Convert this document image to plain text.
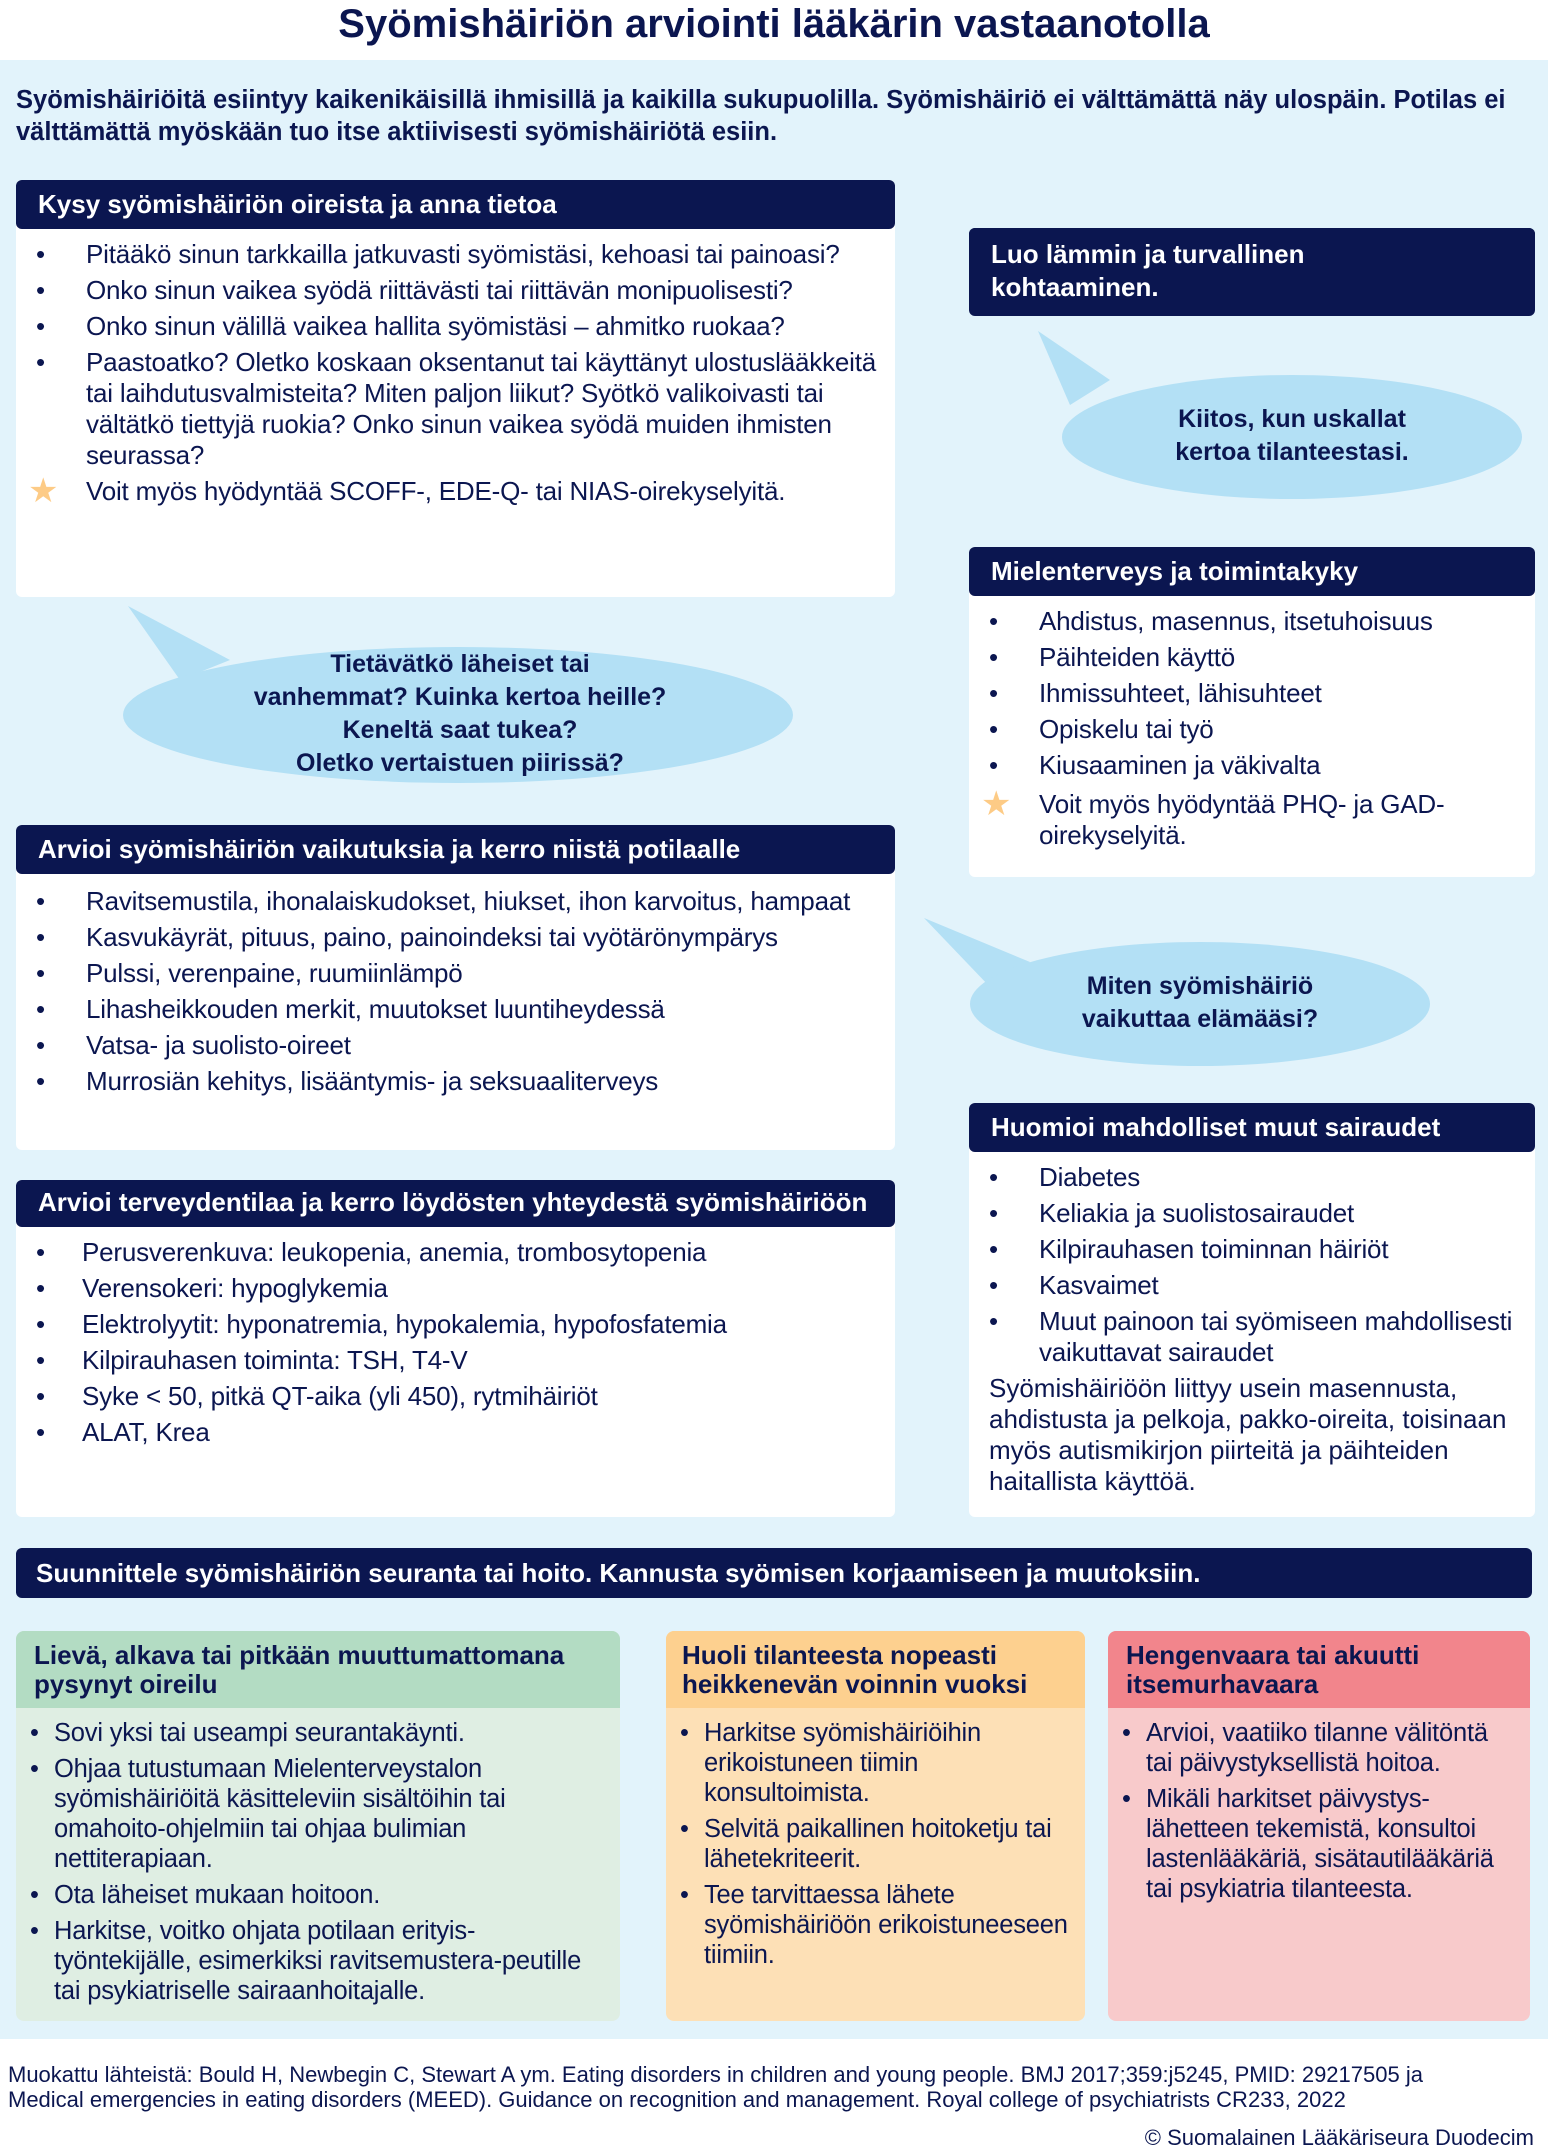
Syömishäiriön arviointi lääkärin vastaanotolla
Syömishäiriöitä esiintyy kaikenikäisillä ihmisillä ja kaikilla sukupuolilla. Syömishäiriö ei välttämättä näy ulospäin. Potilas ei välttämättä myöskään tuo itse aktiivisesti syömishäiriötä esiin.
Kysy syömishäiriön oireista ja anna tietoa
• Pitääkö sinun tarkkailla jatkuvasti syömistäsi, kehoasi tai painoasi?
• Onko sinun vaikea syödä riittävästi tai riittävän monipuolisesti?
• Onko sinun välillä vaikea hallita syömistäsi – ahmitko ruokaa?
• Paastoatko? Oletko koskaan oksentanut tai käyttänyt ulostuslääkkeitä tai laihdutusvalmisteita? Miten paljon liikut? Syötkö valikoivasti tai vältätkö tiettyjä ruokia? Onko sinun vaikea syödä muiden ihmisten seurassa?
★ Voit myös hyödyntää SCOFF-, EDE-Q- tai NIAS-oirekyselyitä.
Tietävätkö läheiset tai
vanhemmat? Kuinka kertoa heille?
Keneltä saat tukea?
Oletko vertaistuen piirissä?
Arvioi syömishäiriön vaikutuksia ja kerro niistä potilaalle
• Ravitsemustila, ihonalaiskudokset, hiukset, ihon karvoitus, hampaat
• Kasvukäyrät, pituus, paino, painoindeksi tai vyötärönympärys
• Pulssi, verenpaine, ruumiinlämpö
• Lihasheikkouden merkit, muutokset luuntiheydessä
• Vatsa- ja suolisto-oireet
• Murrosiän kehitys, lisääntymis- ja seksuaaliterveys
Arvioi terveydentilaa ja kerro löydösten yhteydestä syömishäiriöön
• Perusverenkuva: leukopenia, anemia, trombosytopenia
• Verensokeri: hypoglykemia
• Elektrolyytit: hyponatremia, hypokalemia, hypofosfatemia
• Kilpirauhasen toiminta: TSH, T4-V
• Syke < 50, pitkä QT-aika (yli 450), rytmihäiriöt
• ALAT, Krea
Luo lämmin ja turvallinen kohtaaminen.
Kiitos, kun uskallat
kertoa tilanteestasi.
Mielenterveys ja toimintakyky
• Ahdistus, masennus, itsetuhoisuus
• Päihteiden käyttö
• Ihmissuhteet, lähisuhteet
• Opiskelu tai työ
• Kiusaaminen ja väkivalta
★ Voit myös hyödyntää PHQ- ja GAD-oirekyselyitä.
Miten syömishäiriö
vaikuttaa elämääsi?
Huomioi mahdolliset muut sairaudet
• Diabetes
• Keliakia ja suolistosairaudet
• Kilpirauhasen toiminnan häiriöt
• Kasvaimet
• Muut painoon tai syömiseen mahdollisesti vaikuttavat sairaudet
Syömishäiriöön liittyy usein masennusta, ahdistusta ja pelkoja, pakko-oireita, toisinaan myös autismikirjon piirteitä ja päihteiden haitallista käyttöä.
Suunnittele syömishäiriön seuranta tai hoito. Kannusta syömisen korjaamiseen ja muutoksiin.
Lievä, alkava tai pitkään muuttumattomana pysynyt oireilu
• Sovi yksi tai useampi seurantakäynti.
• Ohjaa tutustumaan Mielenterveystalon syömishäiriöitä käsitteleviin sisältöihin tai omahoito-ohjelmiin tai ohjaa bulimian nettiterapiaan.
• Ota läheiset mukaan hoitoon.
• Harkitse, voitko ohjata potilaan erityis-työntekijälle, esimerkiksi ravitsemustera-peutille tai psykiatriselle sairaanhoitajalle.
Huoli tilanteesta nopeasti heikkenevän voinnin vuoksi
• Harkitse syömishäiriöihin erikoistuneen tiimin konsultoimista.
• Selvitä paikallinen hoitoketju tai lähetekriteerit.
• Tee tarvittaessa lähete syömishäiriöön erikoistuneeseen tiimiin.
Hengenvaara tai akuutti itsemurhavaara
• Arvioi, vaatiiko tilanne välitöntä tai päivystyksellistä hoitoa.
• Mikäli harkitset päivystys-lähetteen tekemistä, konsultoi lastenlääkäriä, sisätautilääkäriä tai psykiatria tilanteesta.
Muokattu lähteistä: Bould H, Newbegin C, Stewart A ym. Eating disorders in children and young people. BMJ 2017;359:j5245, PMID: 29217505 ja Medical emergencies in eating disorders (MEED). Guidance on recognition and management. Royal college of psychiatrists CR233, 2022
© Suomalainen Lääkäriseura Duodecim
